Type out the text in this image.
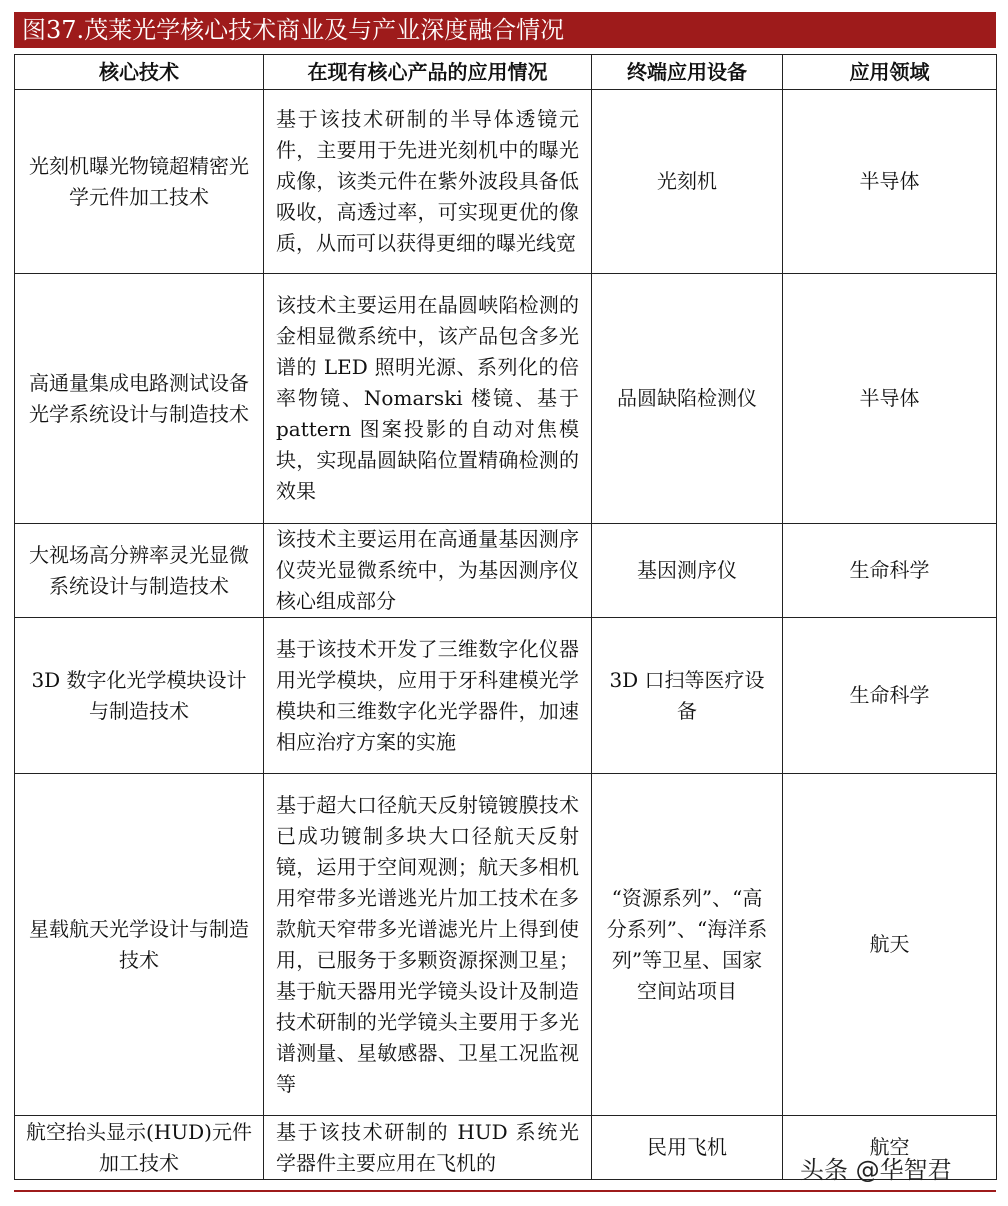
图37.茂莱光学核心技术商业及与产业深度融合情况
核心技术	在现有核心产品的应用情况	终端应用设备	应用领域
光刻机曝光物镜超精密光学元件加工技术	基于该技术研制的半导体透镜元件，主要用于先进光刻机中的曝光成像，该类元件在紫外波段具备低吸收，高透过率，可实现更优的像质，从而可以获得更细的曝光线宽	光刻机	半导体
高通量集成电路测试设备光学系统设计与制造技术	该技术主要运用在晶圆峡陷检测的金相显微系统中，该产品包含多光谱的 LED 照明光源、系列化的倍率物镜、Nomarski 楼镜、基于 pattern 图案投影的自动对焦模块，实现晶圆缺陷位置精确检测的效果	品圆缺陷检测仪	半导体
大视场高分辨率灵光显微系统设计与制造技术	该技术主要运用在高通量基因测序仪荧光显微系统中，为基因测序仪核心组成部分	基因测序仪	生命科学
3D 数字化光学模块设计与制造技术	基于该技术开发了三维数字化仪器用光学模块，应用于牙科建模光学模块和三维数字化光学器件，加速相应治疗方案的实施	3D 口扫等医疗设备	生命科学
星载航天光学设计与制造技术	基于超大口径航天反射镜镀膜技术已成功镀制多块大口径航天反射镜，运用于空间观测；航天多相机用窄带多光谱逃光片加工技术在多款航天窄带多光谱滤光片上得到使用，已服务于多颗资源探测卫星；基于航天器用光学镜头设计及制造技术研制的光学镜头主要用于多光谱测量、星敏感器、卫星工况监视等	“资源系列”、“高分系列”、“海洋系列”等卫星、国家空间站项目	航天
航空抬头显示(HUD)元件加工技术	基于该技术研制的 HUD 系统光学器件主要应用在飞机的	民用飞机	航空
头条 @华智君
